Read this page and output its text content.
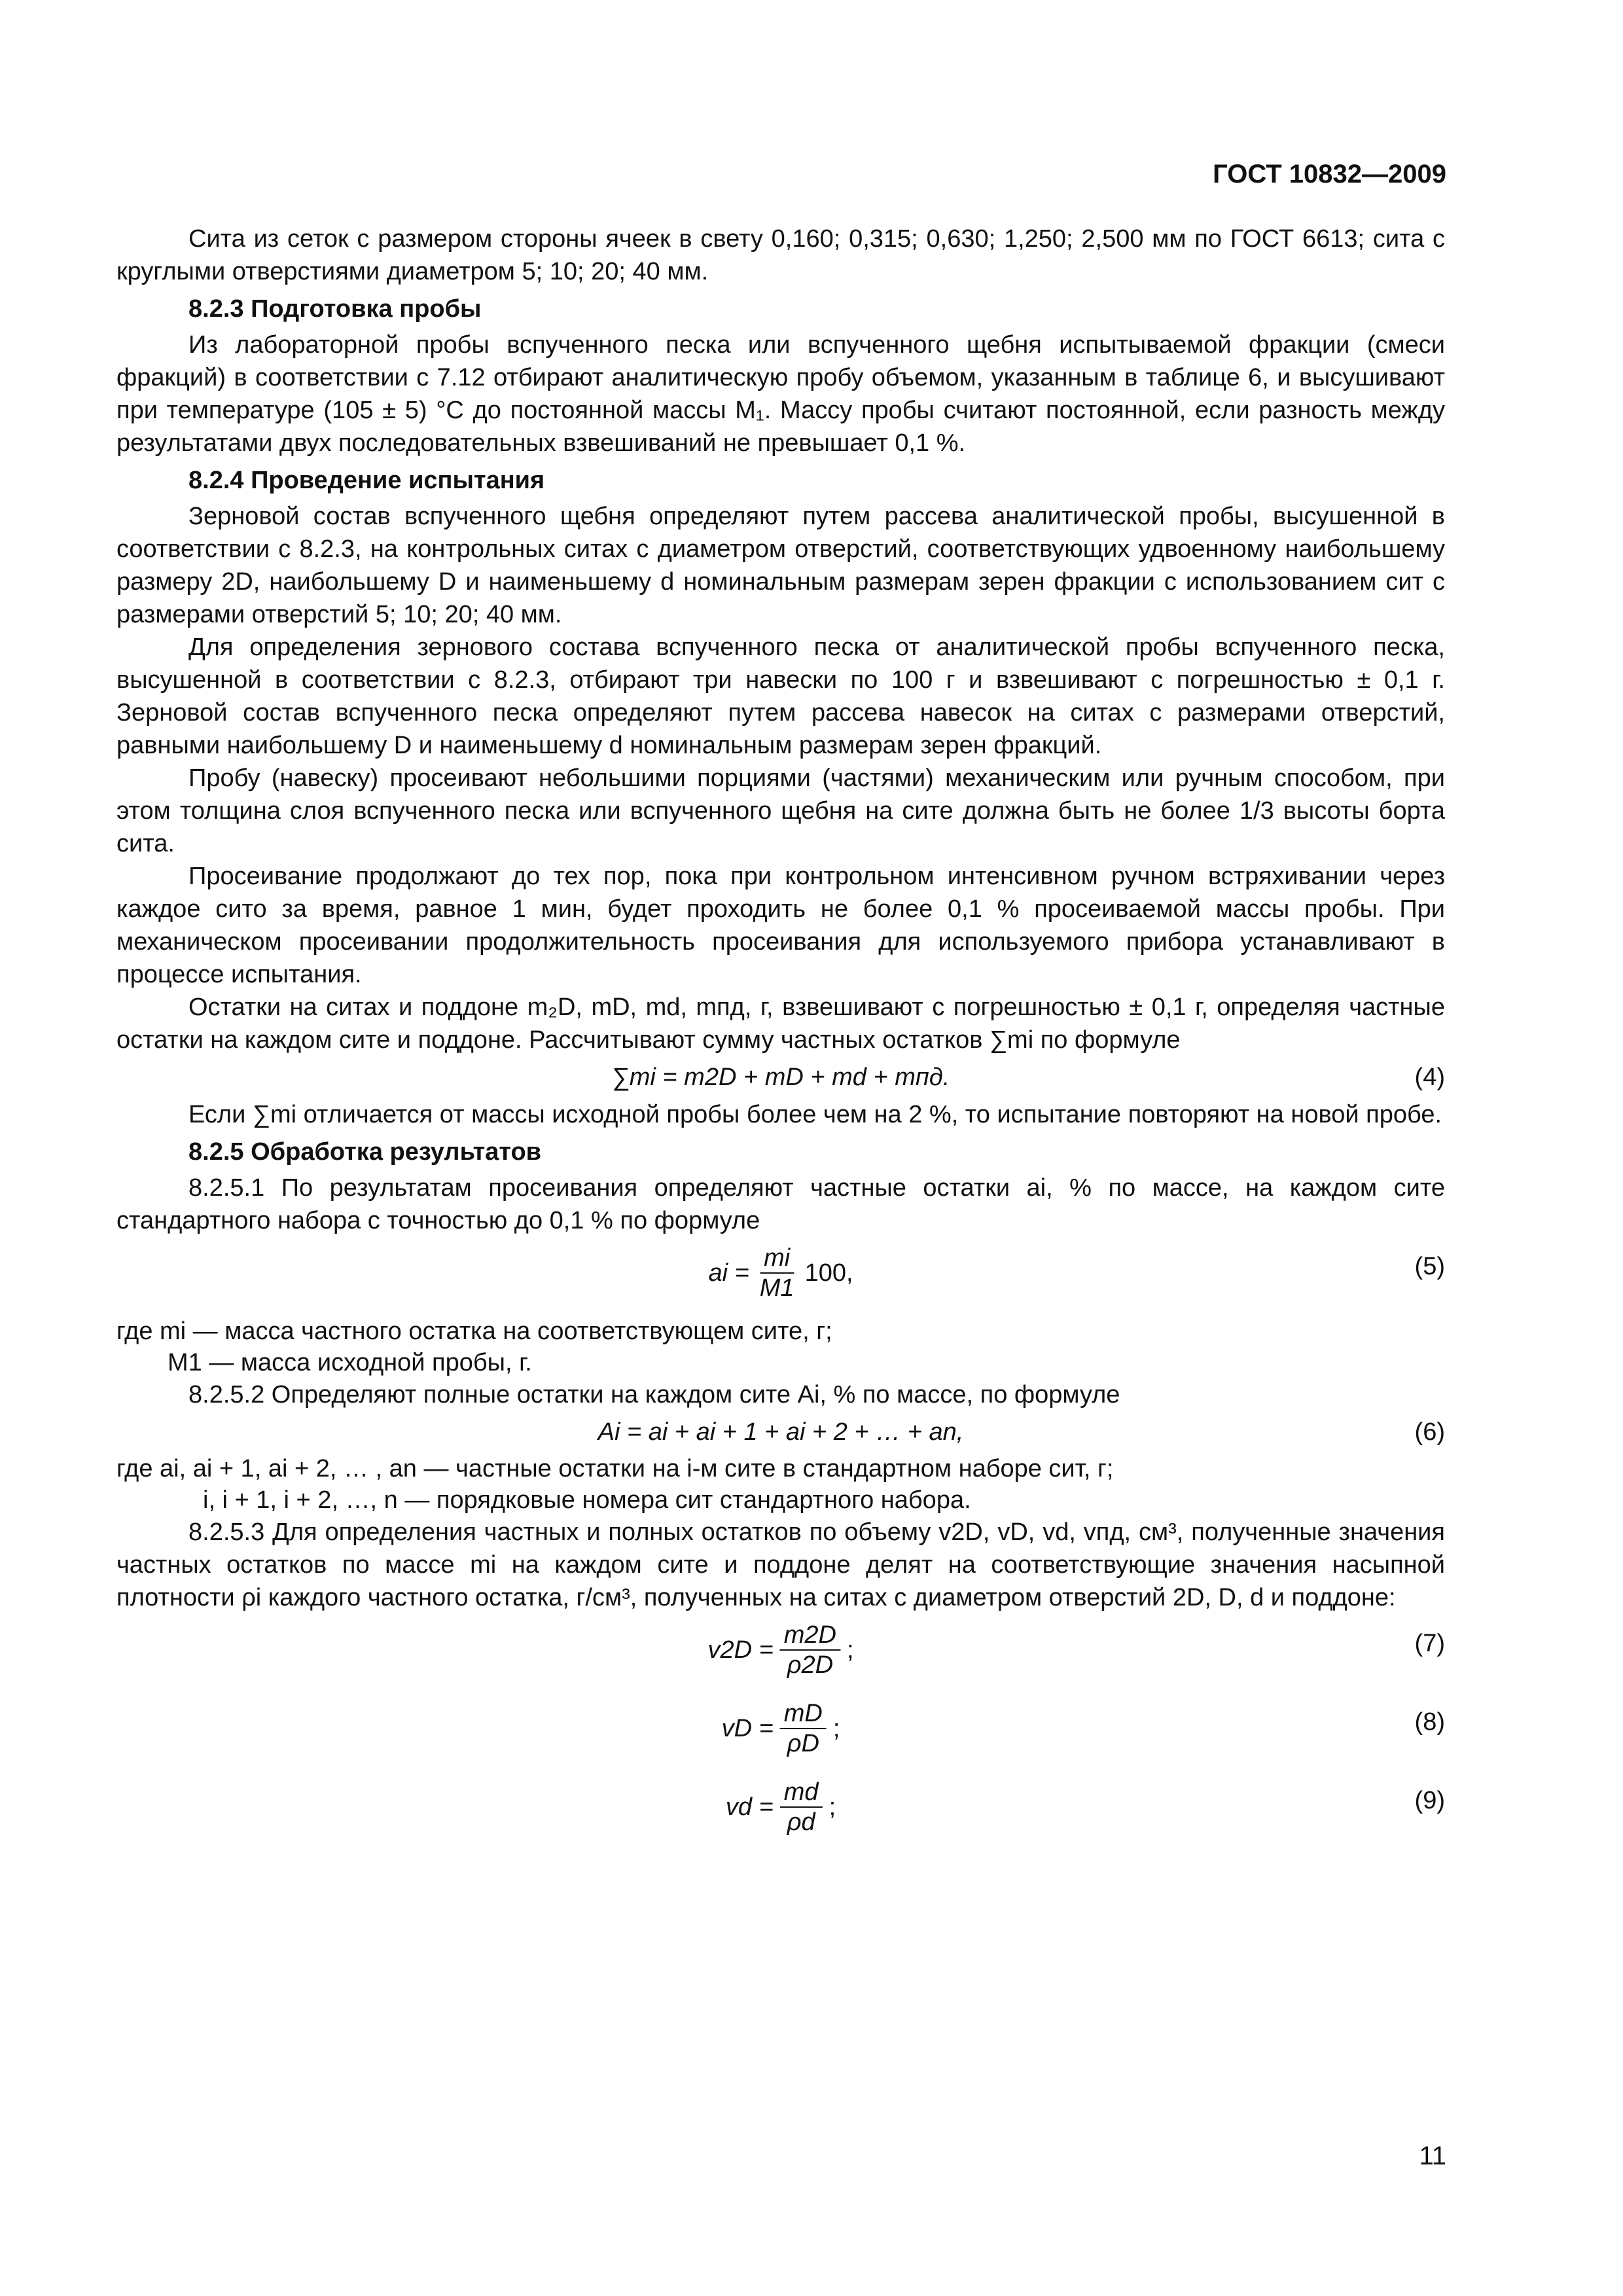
ГОСТ 10832—2009

Сита из сеток с размером стороны ячеек в свету 0,160; 0,315; 0,630; 1,250; 2,500 мм по ГОСТ 6613; сита с круглыми отверстиями диаметром 5; 10; 20; 40 мм.

8.2.3 Подготовка пробы

Из лабораторной пробы вспученного песка или вспученного щебня испытываемой фракции (смеси фракций) в соответствии с 7.12 отбирают аналитическую пробу объемом, указанным в таблице 6, и высушивают при температуре (105 ± 5) °С до постоянной массы M₁. Массу пробы считают постоянной, если разность между результатами двух последовательных взвешиваний не превышает 0,1 %.

8.2.4 Проведение испытания

Зерновой состав вспученного щебня определяют путем рассева аналитической пробы, высушенной в соответствии с 8.2.3, на контрольных ситах с диаметром отверстий, соответствующих удвоенному наибольшему размеру 2D, наибольшему D и наименьшему d номинальным размерам зерен фракции с использованием сит с размерами отверстий 5; 10; 20; 40 мм.

Для определения зернового состава вспученного песка от аналитической пробы вспученного песка, высушенной в соответствии с 8.2.3, отбирают три навески по 100 г и взвешивают с погрешностью ± 0,1 г. Зерновой состав вспученного песка определяют путем рассева навесок на ситах с размерами отверстий, равными наибольшему D и наименьшему d номинальным размерам зерен фракций.

Пробу (навеску) просеивают небольшими порциями (частями) механическим или ручным способом, при этом толщина слоя вспученного песка или вспученного щебня на сите должна быть не более 1/3 высоты борта сита.

Просеивание продолжают до тех пор, пока при контрольном интенсивном ручном встряхивании через каждое сито за время, равное 1 мин, будет проходить не более 0,1 % просеиваемой массы пробы. При механическом просеивании продолжительность просеивания для используемого прибора устанавливают в процессе испытания.

Остатки на ситах и поддоне m₂D, mD, md, mпд, г, взвешивают с погрешностью ± 0,1 г, определяя частные остатки на каждом сите и поддоне. Рассчитывают сумму частных остатков ∑mi по формуле

∑mi = m2D + mD + md + mпд.	(4)

Если ∑mi отличается от массы исходной пробы более чем на 2 %, то испытание повторяют на новой пробе.

8.2.5 Обработка результатов

8.2.5.1 По результатам просеивания определяют частные остатки ai, % по массе, на каждом сите стандартного набора с точностью до 0,1 % по формуле

ai = $\frac{mi}{M1} 100$,	(5)
где mi — масса частного остатка на соответствующем сите, г;
M1 — масса исходной пробы, г.

8.2.5.2 Определяют полные остатки на каждом сите Ai, % по массе, по формуле

Ai = ai + ai + 1 + ai + 2 + … + an,	(6)
где ai, ai + 1, ai + 2, … , an — частные остатки на i-м сите в стандартном наборе сит, г;
i, i + 1, i + 2, …, n — порядковые номера сит стандартного набора.

8.2.5.3 Для определения частных и полных остатков по объему v2D, vD, vd, vпд, см³, полученные значения частных остатков по массе mi на каждом сите и поддоне делят на соответствующие значения насыпной плотности ρi каждого частного остатка, г/см³, полученных на ситах с диаметром отверстий 2D, D, d и поддоне:

$v2D = \frac{m2D}{\rho 2D}$ ;	(7)
vD = $\frac{mD}{\rho D}$ ;	(8)
vd = $\frac{md}{\rho d}$ ;	(9)
11
